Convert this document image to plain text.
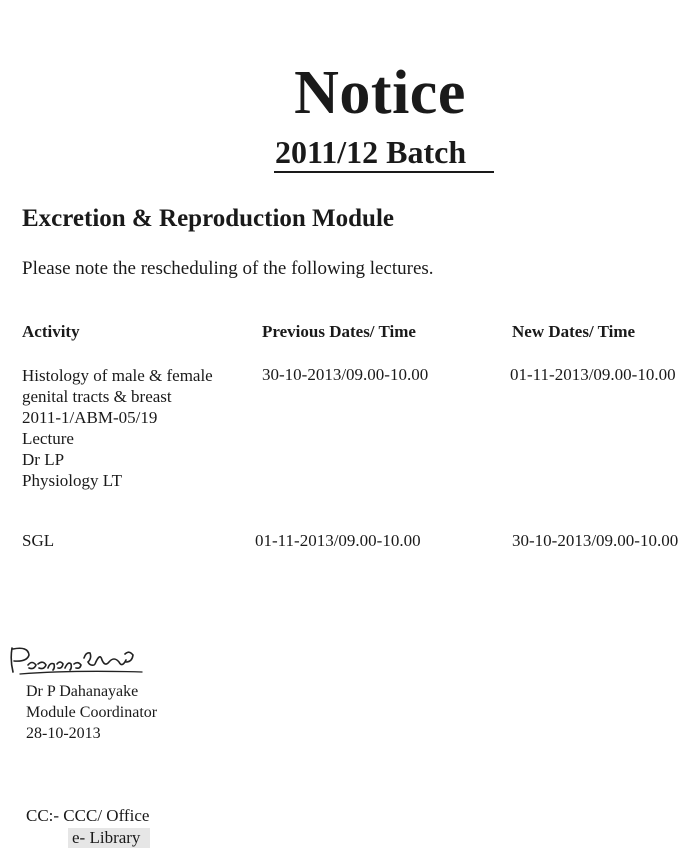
Notice
2011/12 Batch
Excretion & Reproduction Module

Please note the rescheduling of the following lectures.

Activity	Previous Dates/ Time	New Dates/ Time
Histology of male & female
genital tracts & breast
2011-1/ABM-05/19
Lecture
Dr LP
Physiology LT
30-10-2013/09.00-10.00	01-11-2013/09.00-10.00
SGL	01-11-2013/09.00-10.00	30-10-2013/09.00-10.00
Dr P Dahanayake
Module Coordinator
28-10-2013
CC:- CCC/ Office
e- Library
